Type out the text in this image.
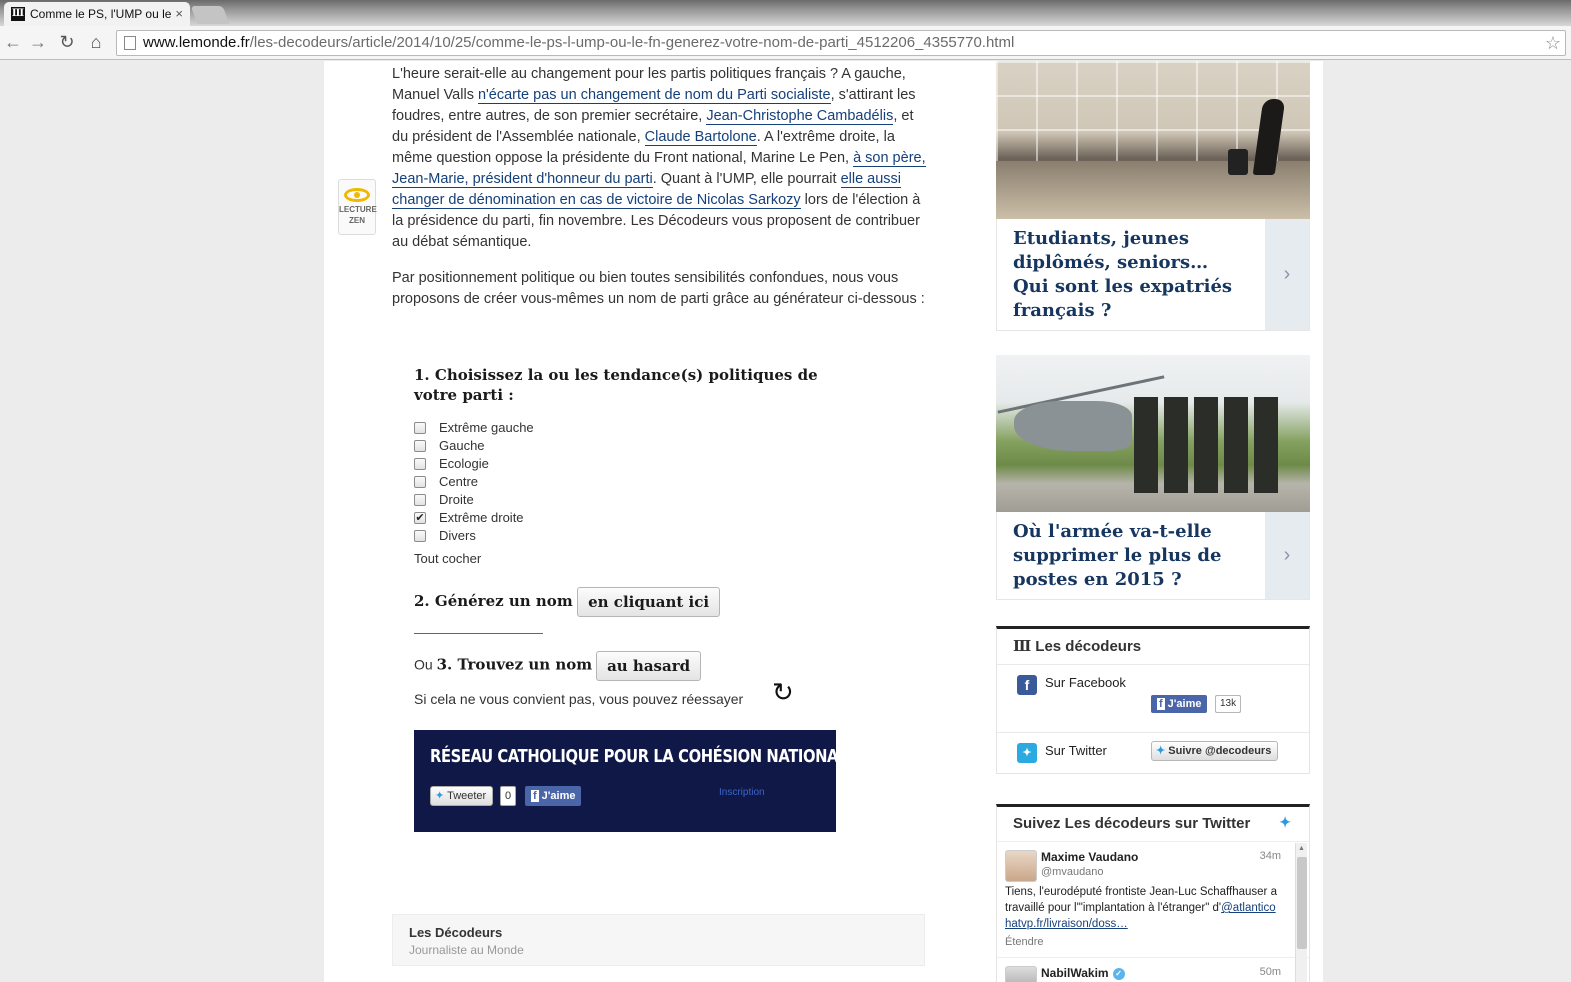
Ⅲ Comme le PS, l'UMP ou le ×
← → ↻ ⌂	www.lemonde.fr/les-decodeurs/article/2014/10/25/comme-le-ps-l-ump-ou-le-fn-generez-votre-nom-de-parti_4512206_4355770.html	☆
LECTURE
ZEN

L'heure serait-elle au changement pour les partis politiques français ? A gauche, Manuel Valls n'écarte pas un changement de nom du Parti socialiste, s'attirant les foudres, entre autres, de son premier secrétaire, Jean-Christophe Cambadélis, et du président de l'Assemblée nationale, Claude Bartolone. A l'extrême droite, la même question oppose la présidente du Front national, Marine Le Pen, à son père, Jean-Marie, président d'honneur du parti. Quant à l'UMP, elle pourrait elle aussi changer de dénomination en cas de victoire de Nicolas Sarkozy lors de l'élection à la présidence du parti, fin novembre. Les Décodeurs vous proposent de contribuer au débat sémantique.

Par positionnement politique ou bien toutes sensibilités confondues, nous vous proposons de créer vous-mêmes un nom de parti grâce au générateur ci-dessous :

1. Choisissez la ou les tendance(s) politiques de votre parti :
Extrême gauche
Gauche
Ecologie
Centre
Droite
✔ Extrême droite
Divers
Tout cocher
2. Générez un nom en cliquant ici
Ou 3. Trouvez un nom au hasard
Si cela ne vous convient pas, vous pouvez réessayer ↻
RÉSEAU CATHOLIQUE POUR LA COHÉSION NATIONALE
✦ Tweeter	0	f J'aime	Inscription
Les Décodeurs
Journaliste au Monde
Etudiants, jeunes diplômés, seniors… Qui sont les expatriés français ?
›
Où l'armée va-t-elle supprimer le plus de postes en 2015 ?
›
Ⅲ Les décodeurs
f	Sur Facebook
f J'aime	13k
✦	Sur Twitter	✦ Suivre @decodeurs
Suivez Les décodeurs sur Twitter ✦
Maxime Vaudano
@mvaudano
34m
Tiens, l'eurodéputé frontiste Jean-Luc Schaffhauser a travaillé pour l'"implantation à l'étranger" d'@atlantico hatvp.fr/livraison/doss…
Étendre
NabilWakim ✓	50m
▲
